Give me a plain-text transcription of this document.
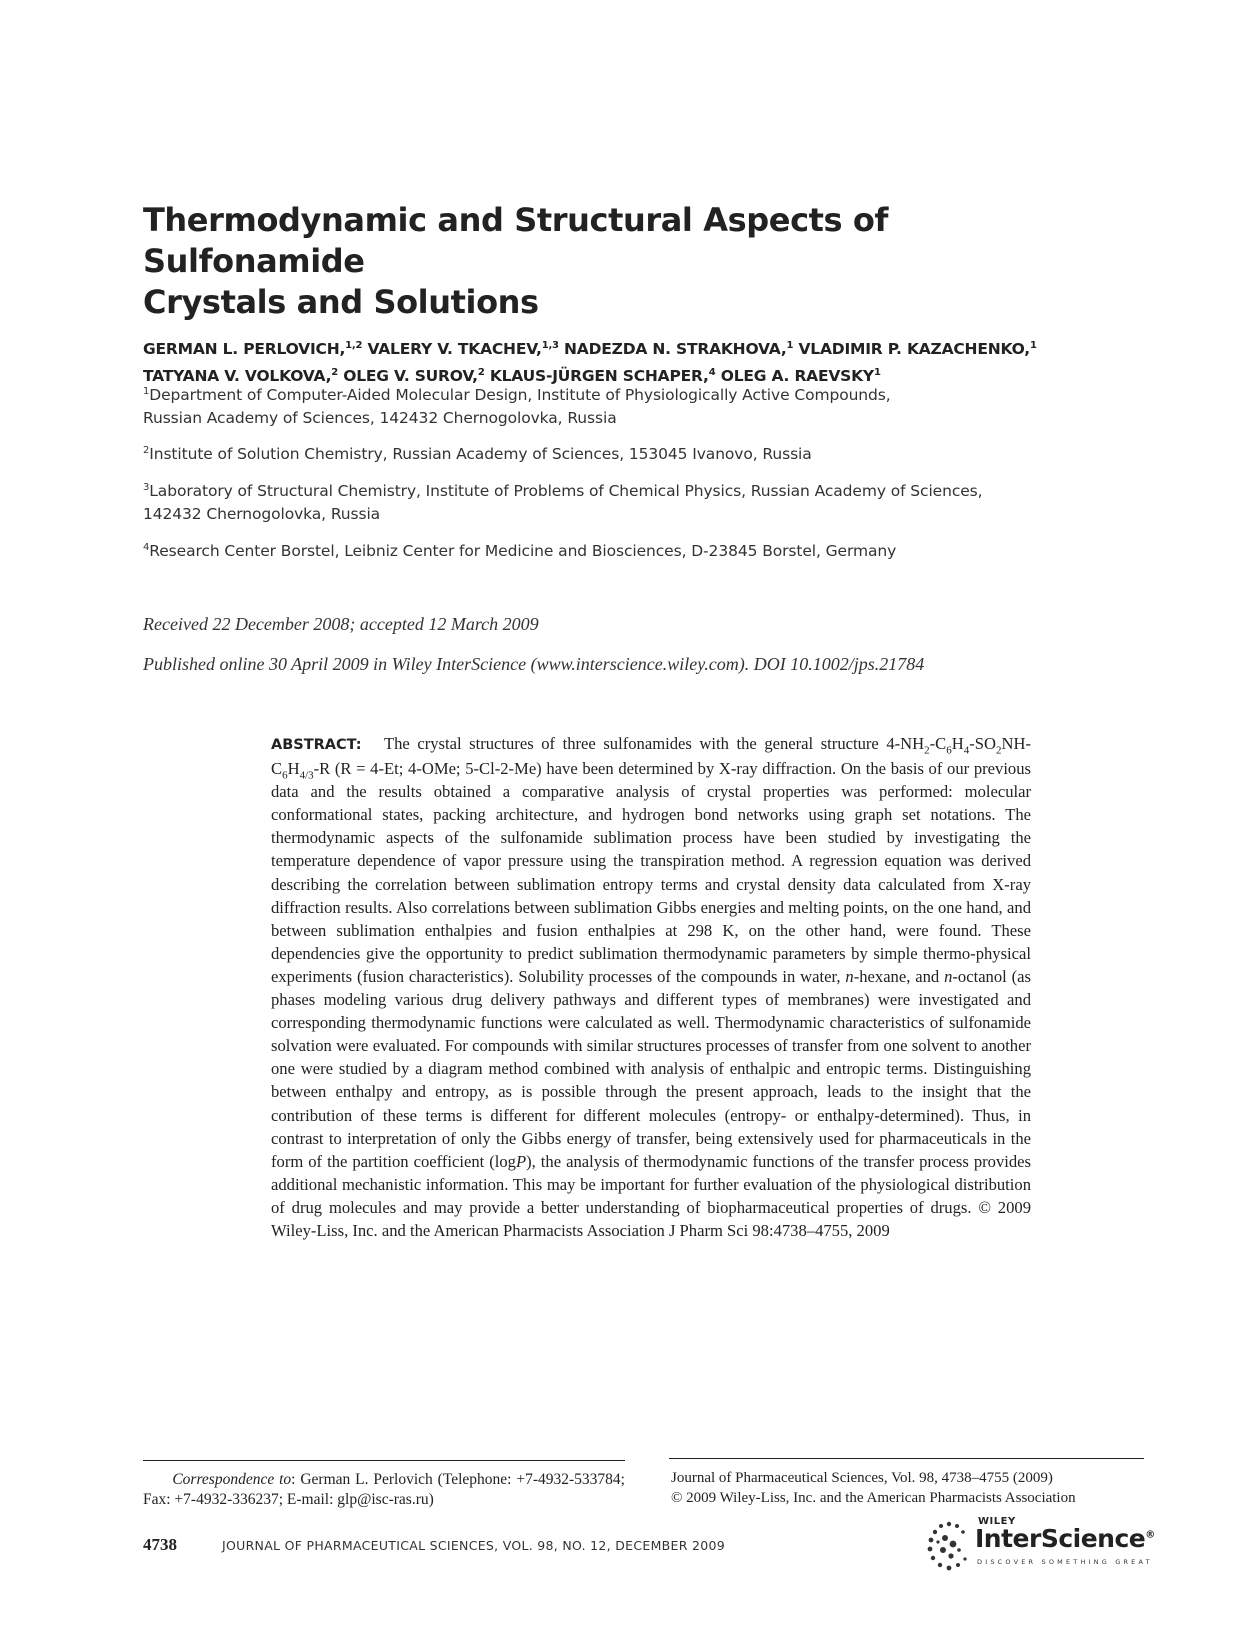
Thermodynamic and Structural Aspects of Sulfonamide
Crystals and Solutions
GERMAN L. PERLOVICH,$^{1,2}$ VALERY V. TKACHEV,$^{1,3}$ NADEZDA N. STRAKHOVA,$^1$ VLADIMIR P. KAZACHENKO,$^1$
TATYANA V. VOLKOVA,$^2$ OLEG V. SUROV,$^2$ KLAUS-JÜRGEN SCHAPER,$^4$ OLEG A. RAEVSKY$^1$
$^1$Department of Computer-Aided Molecular Design, Institute of Physiologically Active Compounds,
Russian Academy of Sciences, 142432 Chernogolovka, Russia
$^2$Institute of Solution Chemistry, Russian Academy of Sciences, 153045 Ivanovo, Russia
$^3$Laboratory of Structural Chemistry, Institute of Problems of Chemical Physics, Russian Academy of Sciences,
142432 Chernogolovka, Russia
$^4$Research Center Borstel, Leibniz Center for Medicine and Biosciences, D-23845 Borstel, Germany
Received 22 December 2008; accepted 12 March 2009
Published online 30 April 2009 in Wiley InterScience (www.interscience.wiley.com). DOI 10.1002/jps.21784
ABSTRACT: The crystal structures of three sulfonamides with the general structure $4-NH_2-C_6H_4-SO_2NH-C_6H_{4/3}-R$ (R = 4-Et; 4-OMe; 5-Cl-2-Me) have been determined by X-ray diffraction. On the basis of our previous data and the results obtained a comparative analysis of crystal properties was performed: molecular conformational states, packing architecture, and hydrogen bond networks using graph set notations. The thermodynamic aspects of the sulfonamide sublimation process have been studied by investigating the temperature dependence of vapor pressure using the transpiration method. A regression equation was derived describing the correlation between sublimation entropy terms and crystal density data calculated from X-ray diffraction results. Also correlations between sublimation Gibbs energies and melting points, on the one hand, and between sublimation enthalpies and fusion enthalpies at 298 K, on the other hand, were found. These dependencies give the opportunity to predict sublimation thermodynamic parameters by simple thermo-physical experiments (fusion characteristics). Solubility processes of the compounds in water, n-hexane, and n-octanol (as phases modeling various drug delivery pathways and different types of membranes) were investigated and corresponding thermodynamic functions were calculated as well. Thermodynamic characteristics of sulfonamide solvation were evaluated. For compounds with similar structures processes of transfer from one solvent to another one were studied by a diagram method combined with analysis of enthalpic and entropic terms. Distinguishing between enthalpy and entropy, as is possible through the present approach, leads to the insight that the contribution of these terms is different for different molecules (entropy- or enthalpy-determined). Thus, in contrast to interpretation of only the Gibbs energy of transfer, being extensively used for pharmaceuticals in the form of the partition coefficient (logP), the analysis of thermodynamic functions of the transfer process provides additional mechanistic information. This may be important for further evaluation of the physiological distribution of drug molecules and may provide a better understanding of biopharmaceutical properties of drugs. © 2009 Wiley-Liss, Inc. and the American Pharmacists Association J Pharm Sci 98:4738–4755, 2009
Correspondence to: German L. Perlovich (Telephone: +7-4932-533784; Fax: +7-4932-336237; E-mail: glp@isc-ras.ru)
Journal of Pharmaceutical Sciences, Vol. 98, 4738–4755 (2009)
© 2009 Wiley-Liss, Inc. and the American Pharmacists Association
4738	JOURNAL OF PHARMACEUTICAL SCIENCES, VOL. 98, NO. 12, DECEMBER 2009
WILEY
InterScience®
DISCOVER SOMETHING GREAT
